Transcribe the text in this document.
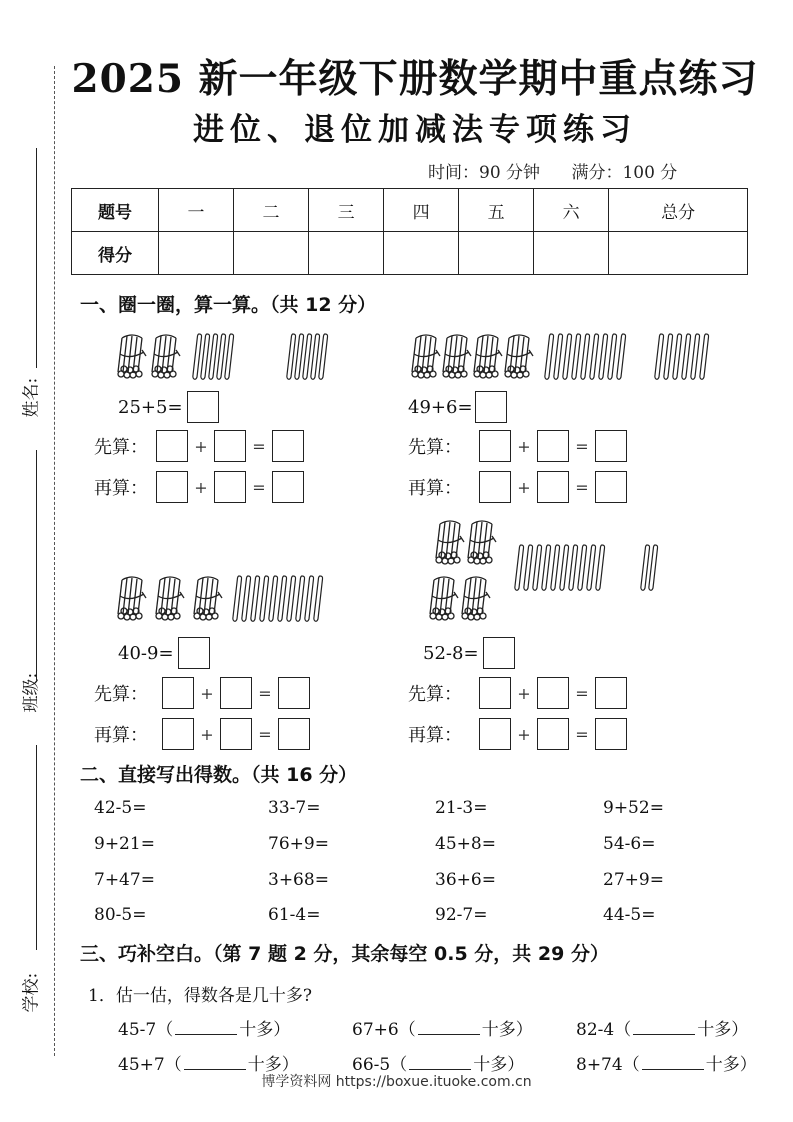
姓名:
班级:
学校:
2025 新一年级下册数学期中重点练习
进位、退位加减法专项练习
时间：90 分钟 满分：100 分
题号	一	二	三	四	五	六	总分
得分							
一、圈一圈，算一算。（共 12 分）
25+5=
先算：	+	=
再算：	+	=
49+6=
先算：	+	=
再算：	+	=
40-9=
先算：	+	=
再算：	+	=
52-8=
先算：	+	=
再算：	+	=
二、直接写出得数。（共 16 分）
42-5=	33-7=	21-3=	9+52=
9+21=	76+9=	45+8=	54-6=
7+47=	3+68=	36+6=	27+9=
80-5=	61-4=	92-7=	44-5=
三、巧补空白。（第 7 题 2 分，其余每空 0.5 分，共 29 分）
1．估一估，得数各是几十多?
45-7（	十多）	67+6（	十多）	82-4（	十多）
45+7（	十多）	66-5（	十多）	8+74（	十多）
博学资料网 https://boxue.ituoke.com.cn
